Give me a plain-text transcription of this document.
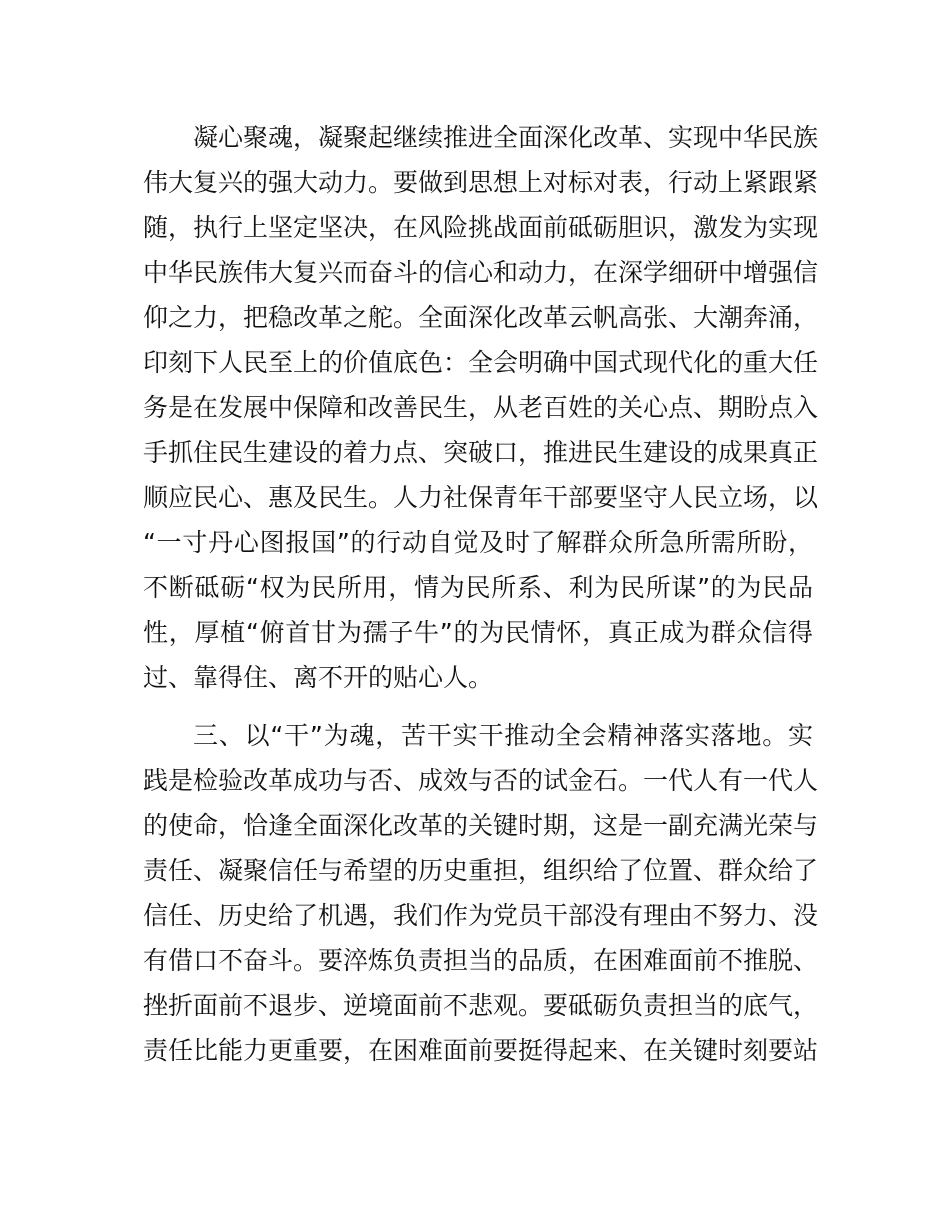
凝心聚魂，凝聚起继续推进全面深化改革、实现中华民族
伟大复兴的强大动力。要做到思想上对标对表，行动上紧跟紧
随，执行上坚定坚决，在风险挑战面前砥砺胆识，激发为实现
中华民族伟大复兴而奋斗的信心和动力，在深学细研中增强信
仰之力，把稳改革之舵。全面深化改革云帆高张、大潮奔涌，
印刻下人民至上的价值底色：全会明确中国式现代化的重大任
务是在发展中保障和改善民生，从老百姓的关心点、期盼点入
手抓住民生建设的着力点、突破口，推进民生建设的成果真正
顺应民心、惠及民生。人力社保青年干部要坚守人民立场，以
“一寸丹心图报国”的行动自觉及时了解群众所急所需所盼，
不断砥砺“权为民所用，情为民所系、利为民所谋”的为民品
性，厚植“俯首甘为孺子牛”的为民情怀，真正成为群众信得
过、靠得住、离不开的贴心人。

三、以“干”为魂，苦干实干推动全会精神落实落地。实
践是检验改革成功与否、成效与否的试金石。一代人有一代人
的使命，恰逢全面深化改革的关键时期，这是一副充满光荣与
责任、凝聚信任与希望的历史重担，组织给了位置、群众给了
信任、历史给了机遇，我们作为党员干部没有理由不努力、没
有借口不奋斗。要淬炼负责担当的品质，在困难面前不推脱、
挫折面前不退步、逆境面前不悲观。要砥砺负责担当的底气，
责任比能力更重要，在困难面前要挺得起来、在关键时刻要站
